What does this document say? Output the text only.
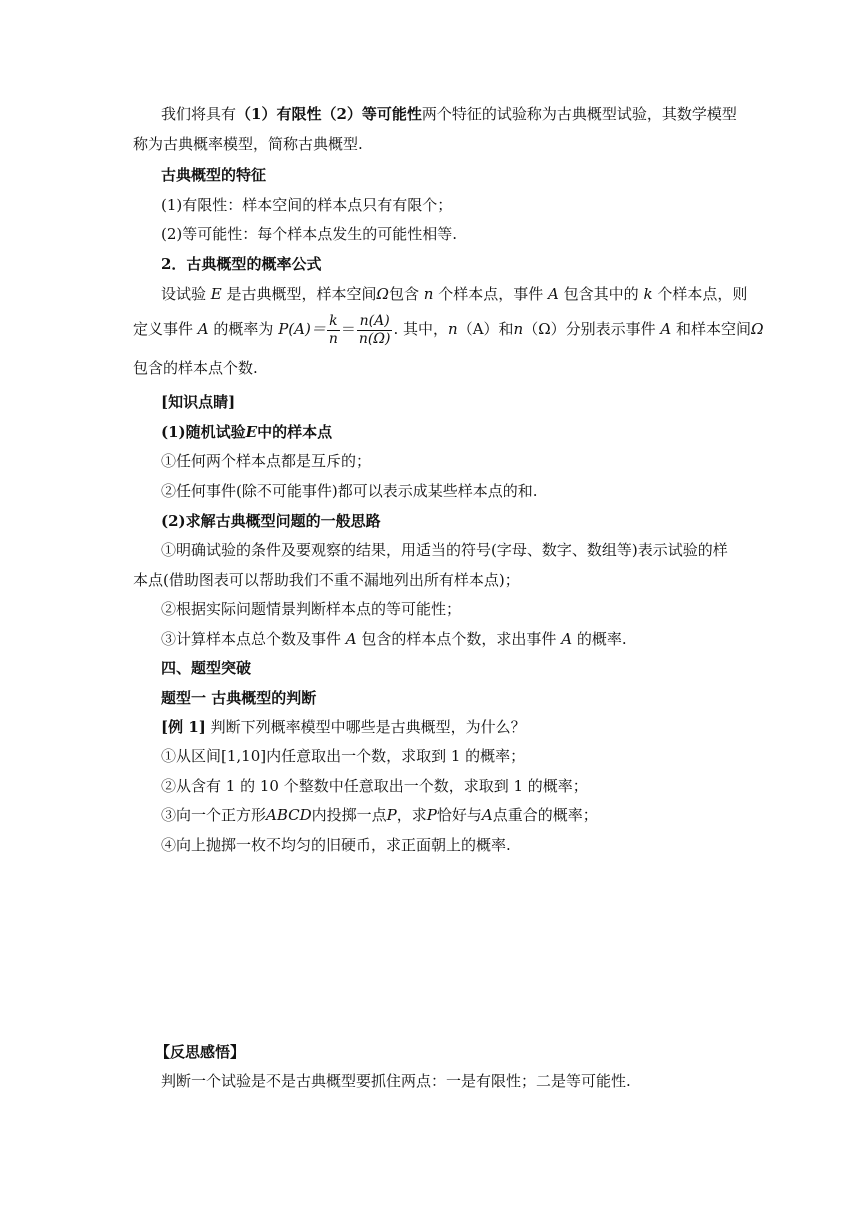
我们将具有（1）有限性（2）等可能性两个特征的试验称为古典概型试验，其数学模型
称为古典概率模型，简称古典概型.
古典概型的特征
(1)有限性：样本空间的样本点只有有限个；
(2)等可能性：每个样本点发生的可能性相等.
2．古典概型的概率公式
设试验 E 是古典概型，样本空间Ω包含 n 个样本点，事件 A 包含其中的 k 个样本点，则
定义事件 A 的概率为 $P(A)= \frac{k}{n} = \frac{n(A)}{n(\Omega)}$ . 其中，n（A）和n（Ω）分别表示事件 A 和样本空间Ω
包含的样本点个数.
[知识点睛]
(1)随机试验E中的样本点
①任何两个样本点都是互斥的；
②任何事件(除不可能事件)都可以表示成某些样本点的和.
(2)求解古典概型问题的一般思路
①明确试验的条件及要观察的结果，用适当的符号(字母、数字、数组等)表示试验的样
本点(借助图表可以帮助我们不重不漏地列出所有样本点)；
②根据实际问题情景判断样本点的等可能性；
③计算样本点总个数及事件 A 包含的样本点个数，求出事件 A 的概率.
四、题型突破
题型一 古典概型的判断
[例 1] 判断下列概率模型中哪些是古典概型，为什么？
①从区间[1,10]内任意取出一个数，求取到 1 的概率；
②从含有 1 的 10 个整数中任意取出一个数，求取到 1 的概率；
③向一个正方形ABCD内投掷一点P，求P恰好与A点重合的概率；
④向上抛掷一枚不均匀的旧硬币，求正面朝上的概率.
【反思感悟】
判断一个试验是不是古典概型要抓住两点：一是有限性；二是等可能性.
